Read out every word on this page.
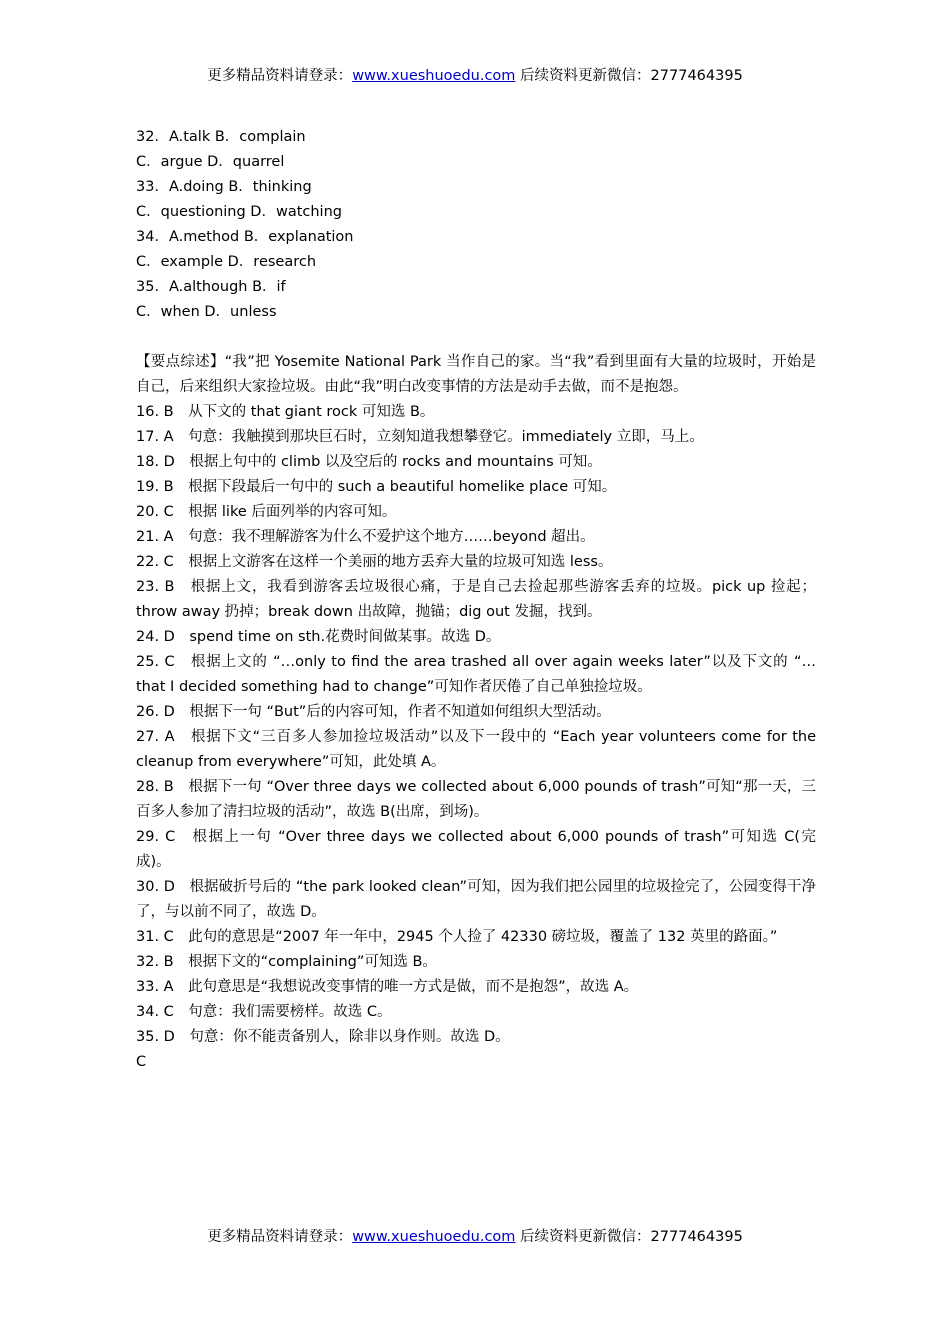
更多精品资料请登录：www.xueshuoedu.com 后续资料更新微信：2777464395
32．A.talk B．complain
C．argue D．quarrel
33．A.doing B．thinking
C．questioning D．watching
34．A.method B．explanation
C．example D．research
35．A.although B．if
C．when D．unless
【要点综述】“我”把 Yosemite National Park 当作自己的家。当“我”看到里面有大量的垃圾时，开始是自己，后来组织大家捡垃圾。由此“我”明白改变事情的方法是动手去做，而不是抱怨。
16. B　从下文的 that giant rock 可知选 B。
17. A　句意：我触摸到那块巨石时，立刻知道我想攀登它。immediately 立即，马上。
18. D　根据上句中的 climb 以及空后的 rocks and mountains 可知。
19. B　根据下段最后一句中的 such a beautiful homelike place 可知。
20. C　根据 like 后面列举的内容可知。
21. A　句意：我不理解游客为什么不爱护这个地方……beyond 超出。
22. C　根据上文游客在这样一个美丽的地方丢弃大量的垃圾可知选 less。
23. B　根据上文，我看到游客丢垃圾很心痛，于是自己去捡起那些游客丢弃的垃圾。pick up 捡起；throw away 扔掉；break down 出故障，抛锚；dig out 发掘，找到。
24. D　spend time on sth.花费时间做某事。故选 D。
25. C　根据上文的 “…only to find the area trashed all over again weeks later”以及下文的 “…that I decided something had to change”可知作者厌倦了自己单独捡垃圾。
26. D　根据下一句 “But”后的内容可知，作者不知道如何组织大型活动。
27. A　根据下文“三百多人参加捡垃圾活动”以及下一段中的 “Each year volunteers come for the cleanup from everywhere”可知，此处填 A。
28. B　根据下一句 “Over three days we collected about 6,000 pounds of trash”可知“那一天，三百多人参加了清扫垃圾的活动”，故选 B(出席，到场)。
29. C　根据上一句 “Over three days we collected about 6,000 pounds of trash”可知选 C(完成)。
30. D　根据破折号后的 “the park looked clean”可知，因为我们把公园里的垃圾捡完了，公园变得干净了，与以前不同了，故选 D。
31. C　此句的意思是“2007 年一年中，2945 个人捡了 42330 磅垃圾，覆盖了 132 英里的路面。”
32. B　根据下文的“complaining”可知选 B。
33. A　此句意思是“我想说改变事情的唯一方式是做，而不是抱怨”，故选 A。
34. C　句意：我们需要榜样。故选 C。
35. D　句意：你不能责备别人，除非以身作则。故选 D。
C
更多精品资料请登录：www.xueshuoedu.com 后续资料更新微信：2777464395
